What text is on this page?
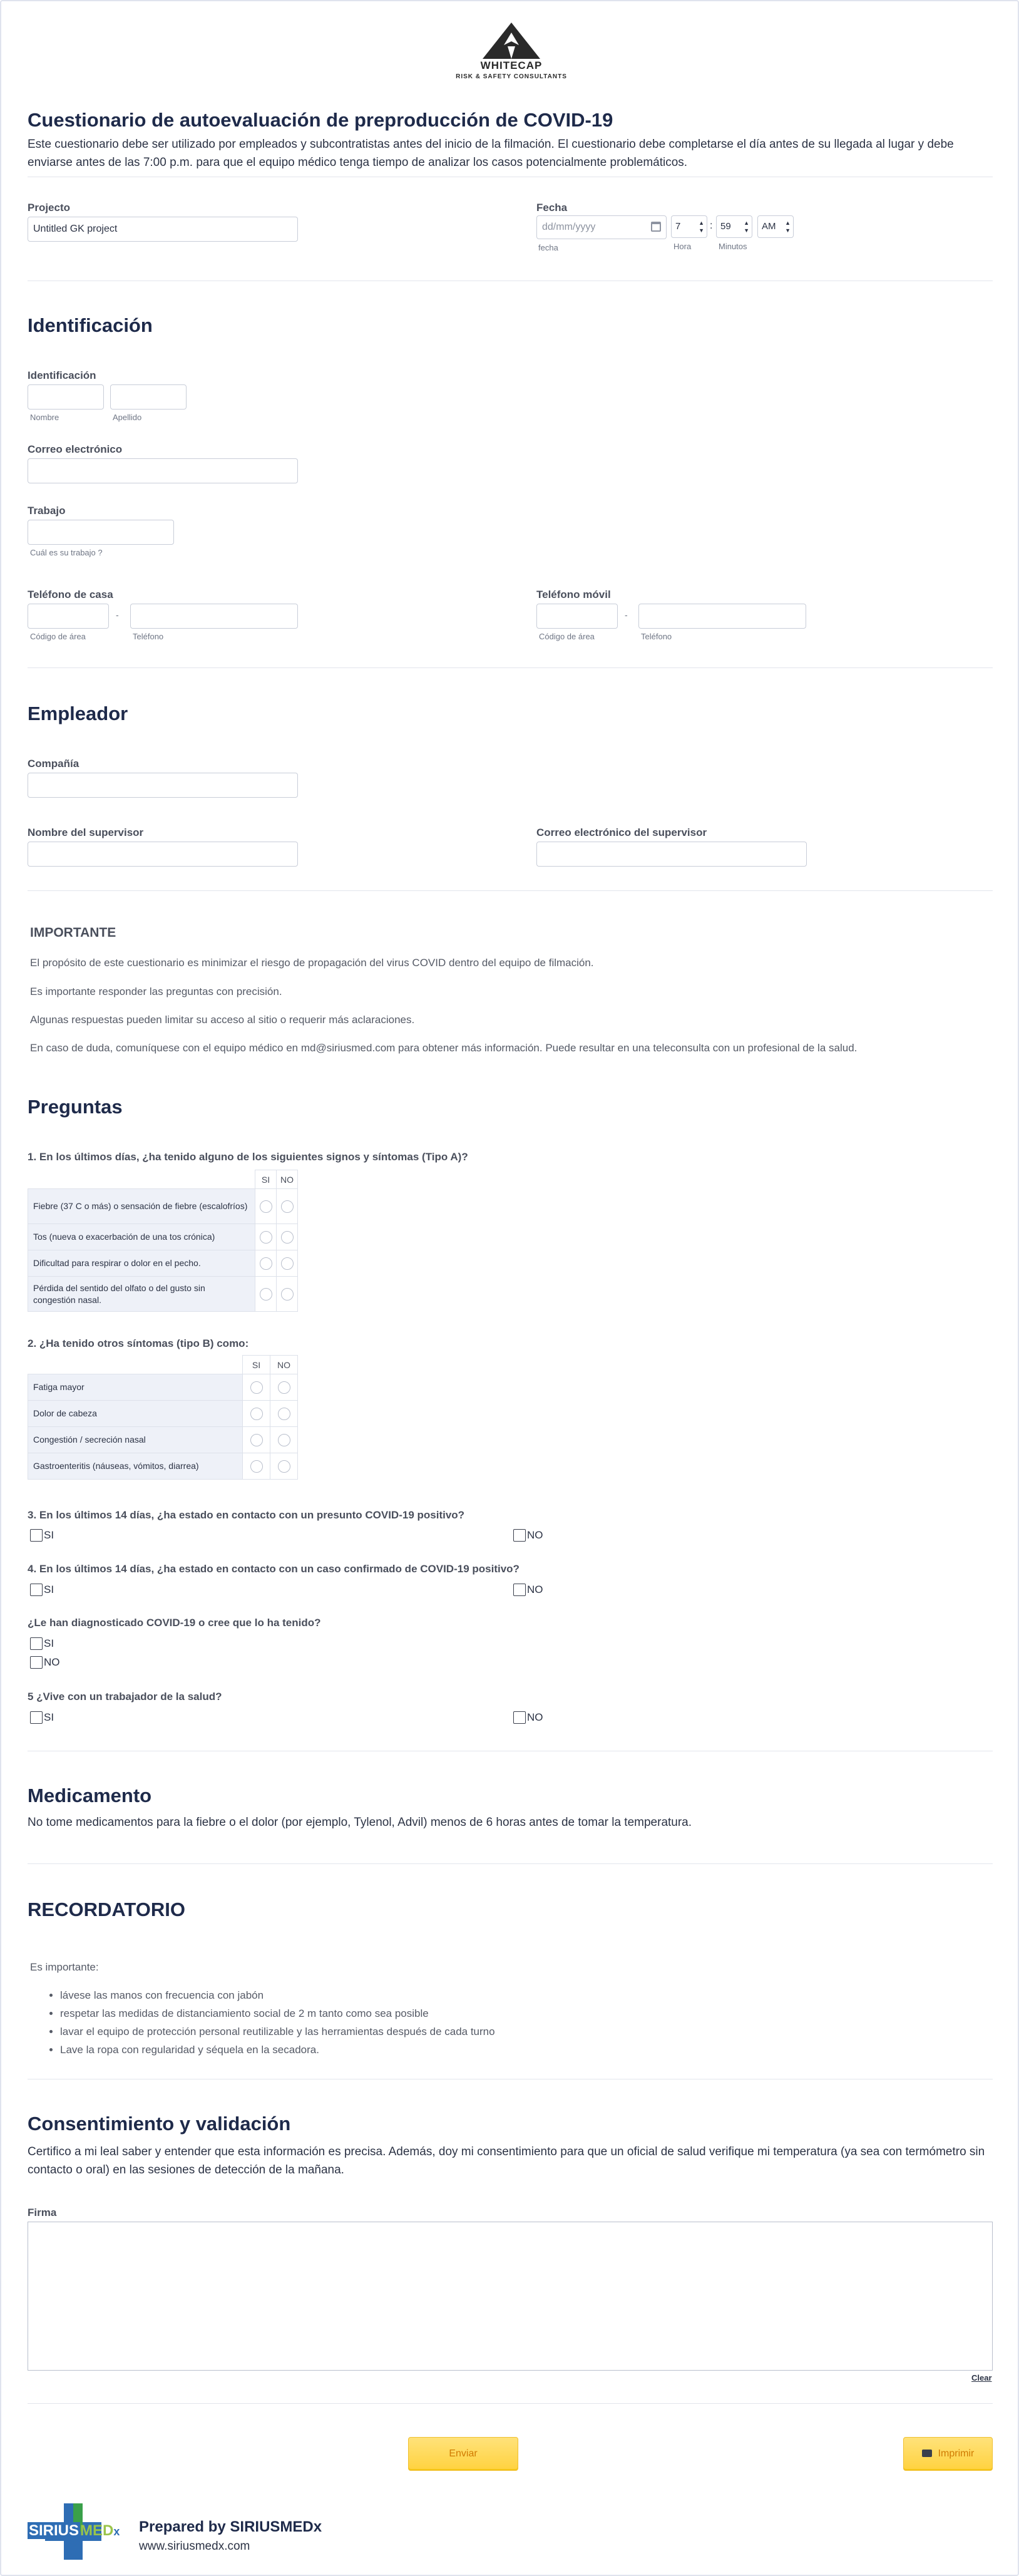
WHITECAP
RISK & SAFETY CONSULTANTS
Cuestionario de autoevaluación de preproducción de COVID-19
Este cuestionario debe ser utilizado por empleados y subcontratistas antes del inicio de la filmación. El cuestionario debe completarse el día antes de su llegada al lugar y debe enviarse antes de las 7:00 p.m. para que el equipo médico tenga tiempo de analizar los casos potencialmente problemáticos.
Projecto
Untitled GK project
Fecha
dd/mm/yyyy
fecha
7	▲
▼ : 59 ▲
▼	AM ▲
▼
Hora	Minutos
Identificación
Identificación
Nombre	Apellido
Correo electrónico
Trabajo
Cuál es su trabajo ?
Teléfono de casa
-
Código de área	Teléfono
Teléfono móvil
-
Código de área	Teléfono
Empleador
Compañía
Nombre del supervisor	Correo electrónico del supervisor
IMPORTANTE
El propósito de este cuestionario es minimizar el riesgo de propagación del virus COVID dentro del equipo de filmación.
Es importante responder las preguntas con precisión.
Algunas respuestas pueden limitar su acceso al sitio o requerir más aclaraciones.
En caso de duda, comuníquese con el equipo médico en md@siriusmed.com para obtener más información. Puede resultar en una teleconsulta con un profesional de la salud.
Preguntas
1. En los últimos días, ¿ha tenido alguno de los siguientes signos y síntomas (Tipo A)?
	SI	NO
Fiebre (37 C o más) o sensación de fiebre (escalofríos)		
Tos (nueva o exacerbación de una tos crónica)		
Dificultad para respirar o dolor en el pecho.		
Pérdida del sentido del olfato o del gusto sin congestión nasal.		
2. ¿Ha tenido otros síntomas (tipo B) como:
	SI	NO
Fatiga mayor		
Dolor de cabeza		
Congestión / secreción nasal		
Gastroenteritis (náuseas, vómitos, diarrea)		
3. En los últimos 14 días, ¿ha estado en contacto con un presunto COVID-19 positivo?
SI	NO
4. En los últimos 14 días, ¿ha estado en contacto con un caso confirmado de COVID-19 positivo?
SI	NO
¿Le han diagnosticado COVID-19 o cree que lo ha tenido?
SI
NO
5 ¿Vive con un trabajador de la salud?
SI	NO
Medicamento
No tome medicamentos para la fiebre o el dolor (por ejemplo, Tylenol, Advil) menos de 6 horas antes de tomar la temperatura.
RECORDATORIO
Es importante:
• lávese las manos con frecuencia con jabón
• respetar las medidas de distanciamiento social de 2 m tanto como sea posible
• lavar el equipo de protección personal reutilizable y las herramientas después de cada turno
• Lave la ropa con regularidad y séquela en la secadora.
Consentimiento y validación
Certifico a mi leal saber y entender que esta información es precisa. Además, doy mi consentimiento para que un oficial de salud verifique mi temperatura (ya sea con termómetro sin contacto o oral) en las sesiones de detección de la mañana.
Firma
Clear
Enviar	Imprimir
SIRIUSMEDx Prepared by SIRIUSMEDx
www.siriusmedx.com
